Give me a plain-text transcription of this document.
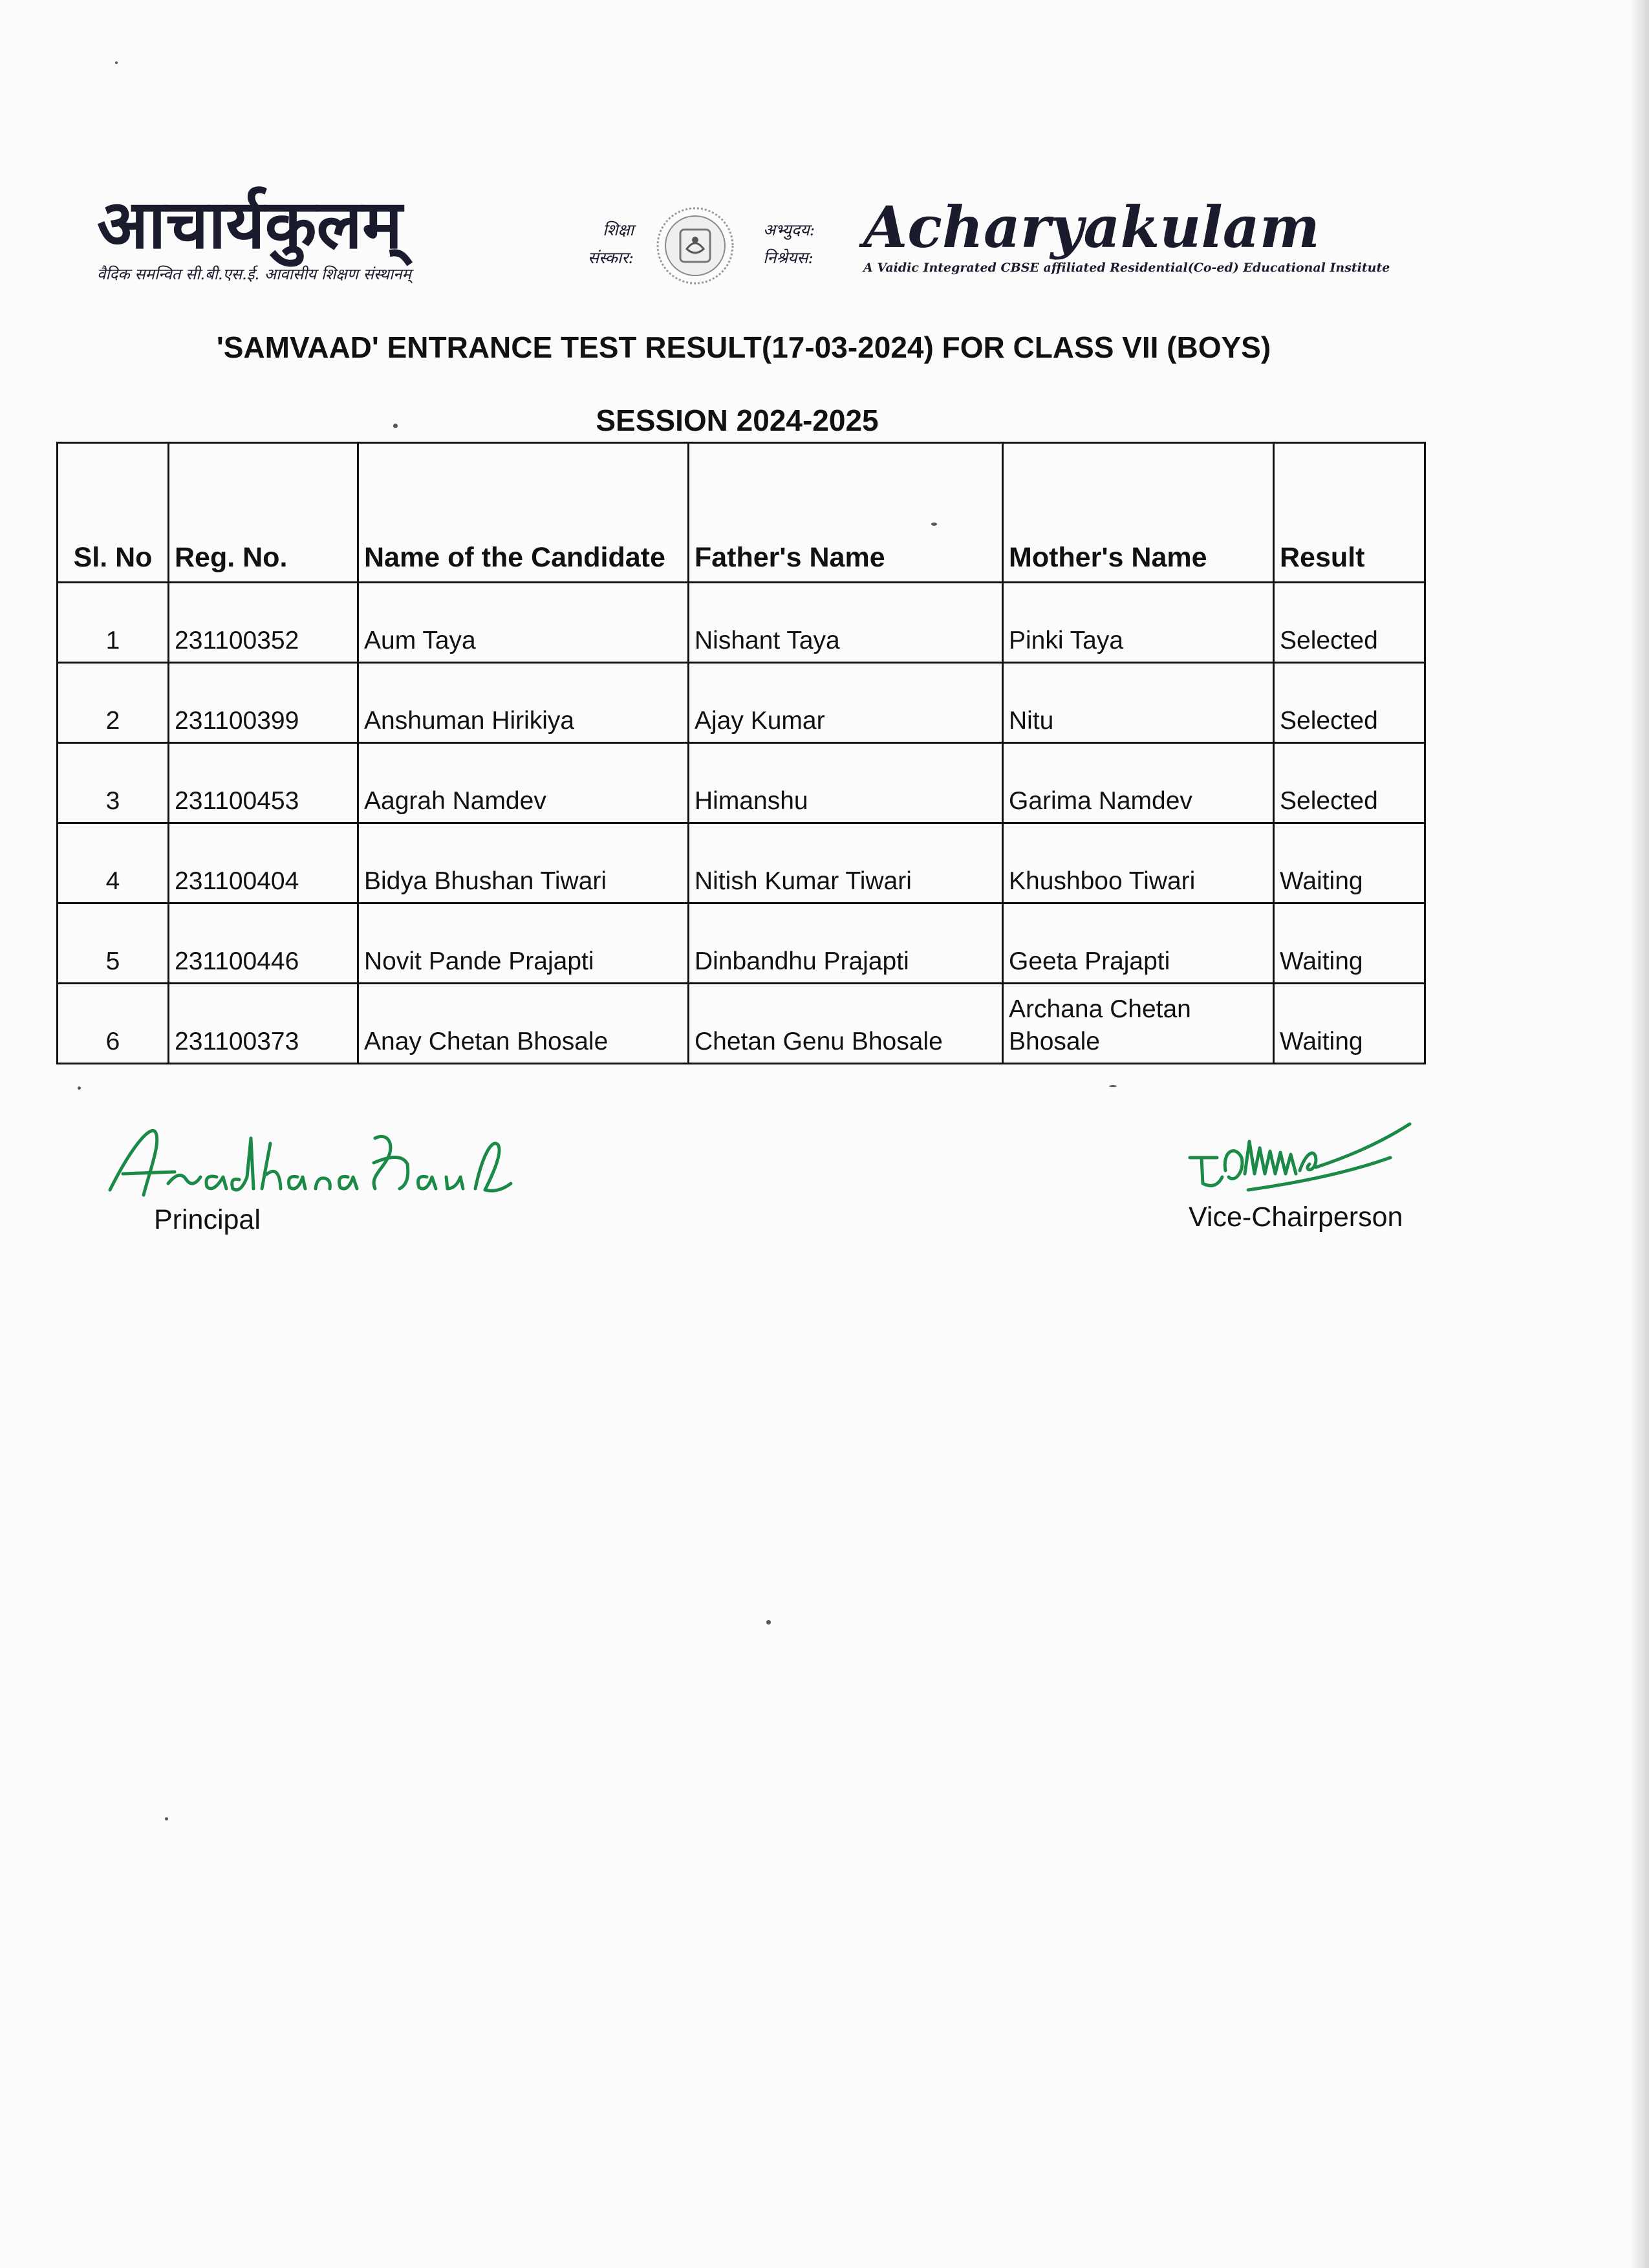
आचार्यकुलम्
वैदिक समन्वित सी.बी.एस.ई. आवासीय शिक्षण संस्थानम्
शिक्षा
संस्कार:
अभ्युदय:
निश्रेयस: Acharyakulam
A Vaidic Integrated CBSE affiliated Residential(Co-ed) Educational Institute
'SAMVAAD' ENTRANCE TEST RESULT(17-03-2024) FOR CLASS VII (BOYS)
SESSION 2024-2025
Sl. No	Reg. No.	Name of the Candidate	Father's Name	Mother's Name	Result
1	231100352	Aum Taya	Nishant Taya	Pinki Taya	Selected
2	231100399	Anshuman Hirikiya	Ajay Kumar	Nitu	Selected
3	231100453	Aagrah Namdev	Himanshu	Garima Namdev	Selected
4	231100404	Bidya Bhushan Tiwari	Nitish Kumar Tiwari	Khushboo Tiwari	Waiting
5	231100446	Novit Pande Prajapti	Dinbandhu Prajapti	Geeta Prajapti	Waiting
6	231100373	Anay Chetan Bhosale	Chetan Genu Bhosale	Archana Chetan Bhosale	Waiting
Principal	Vice-Chairperson
